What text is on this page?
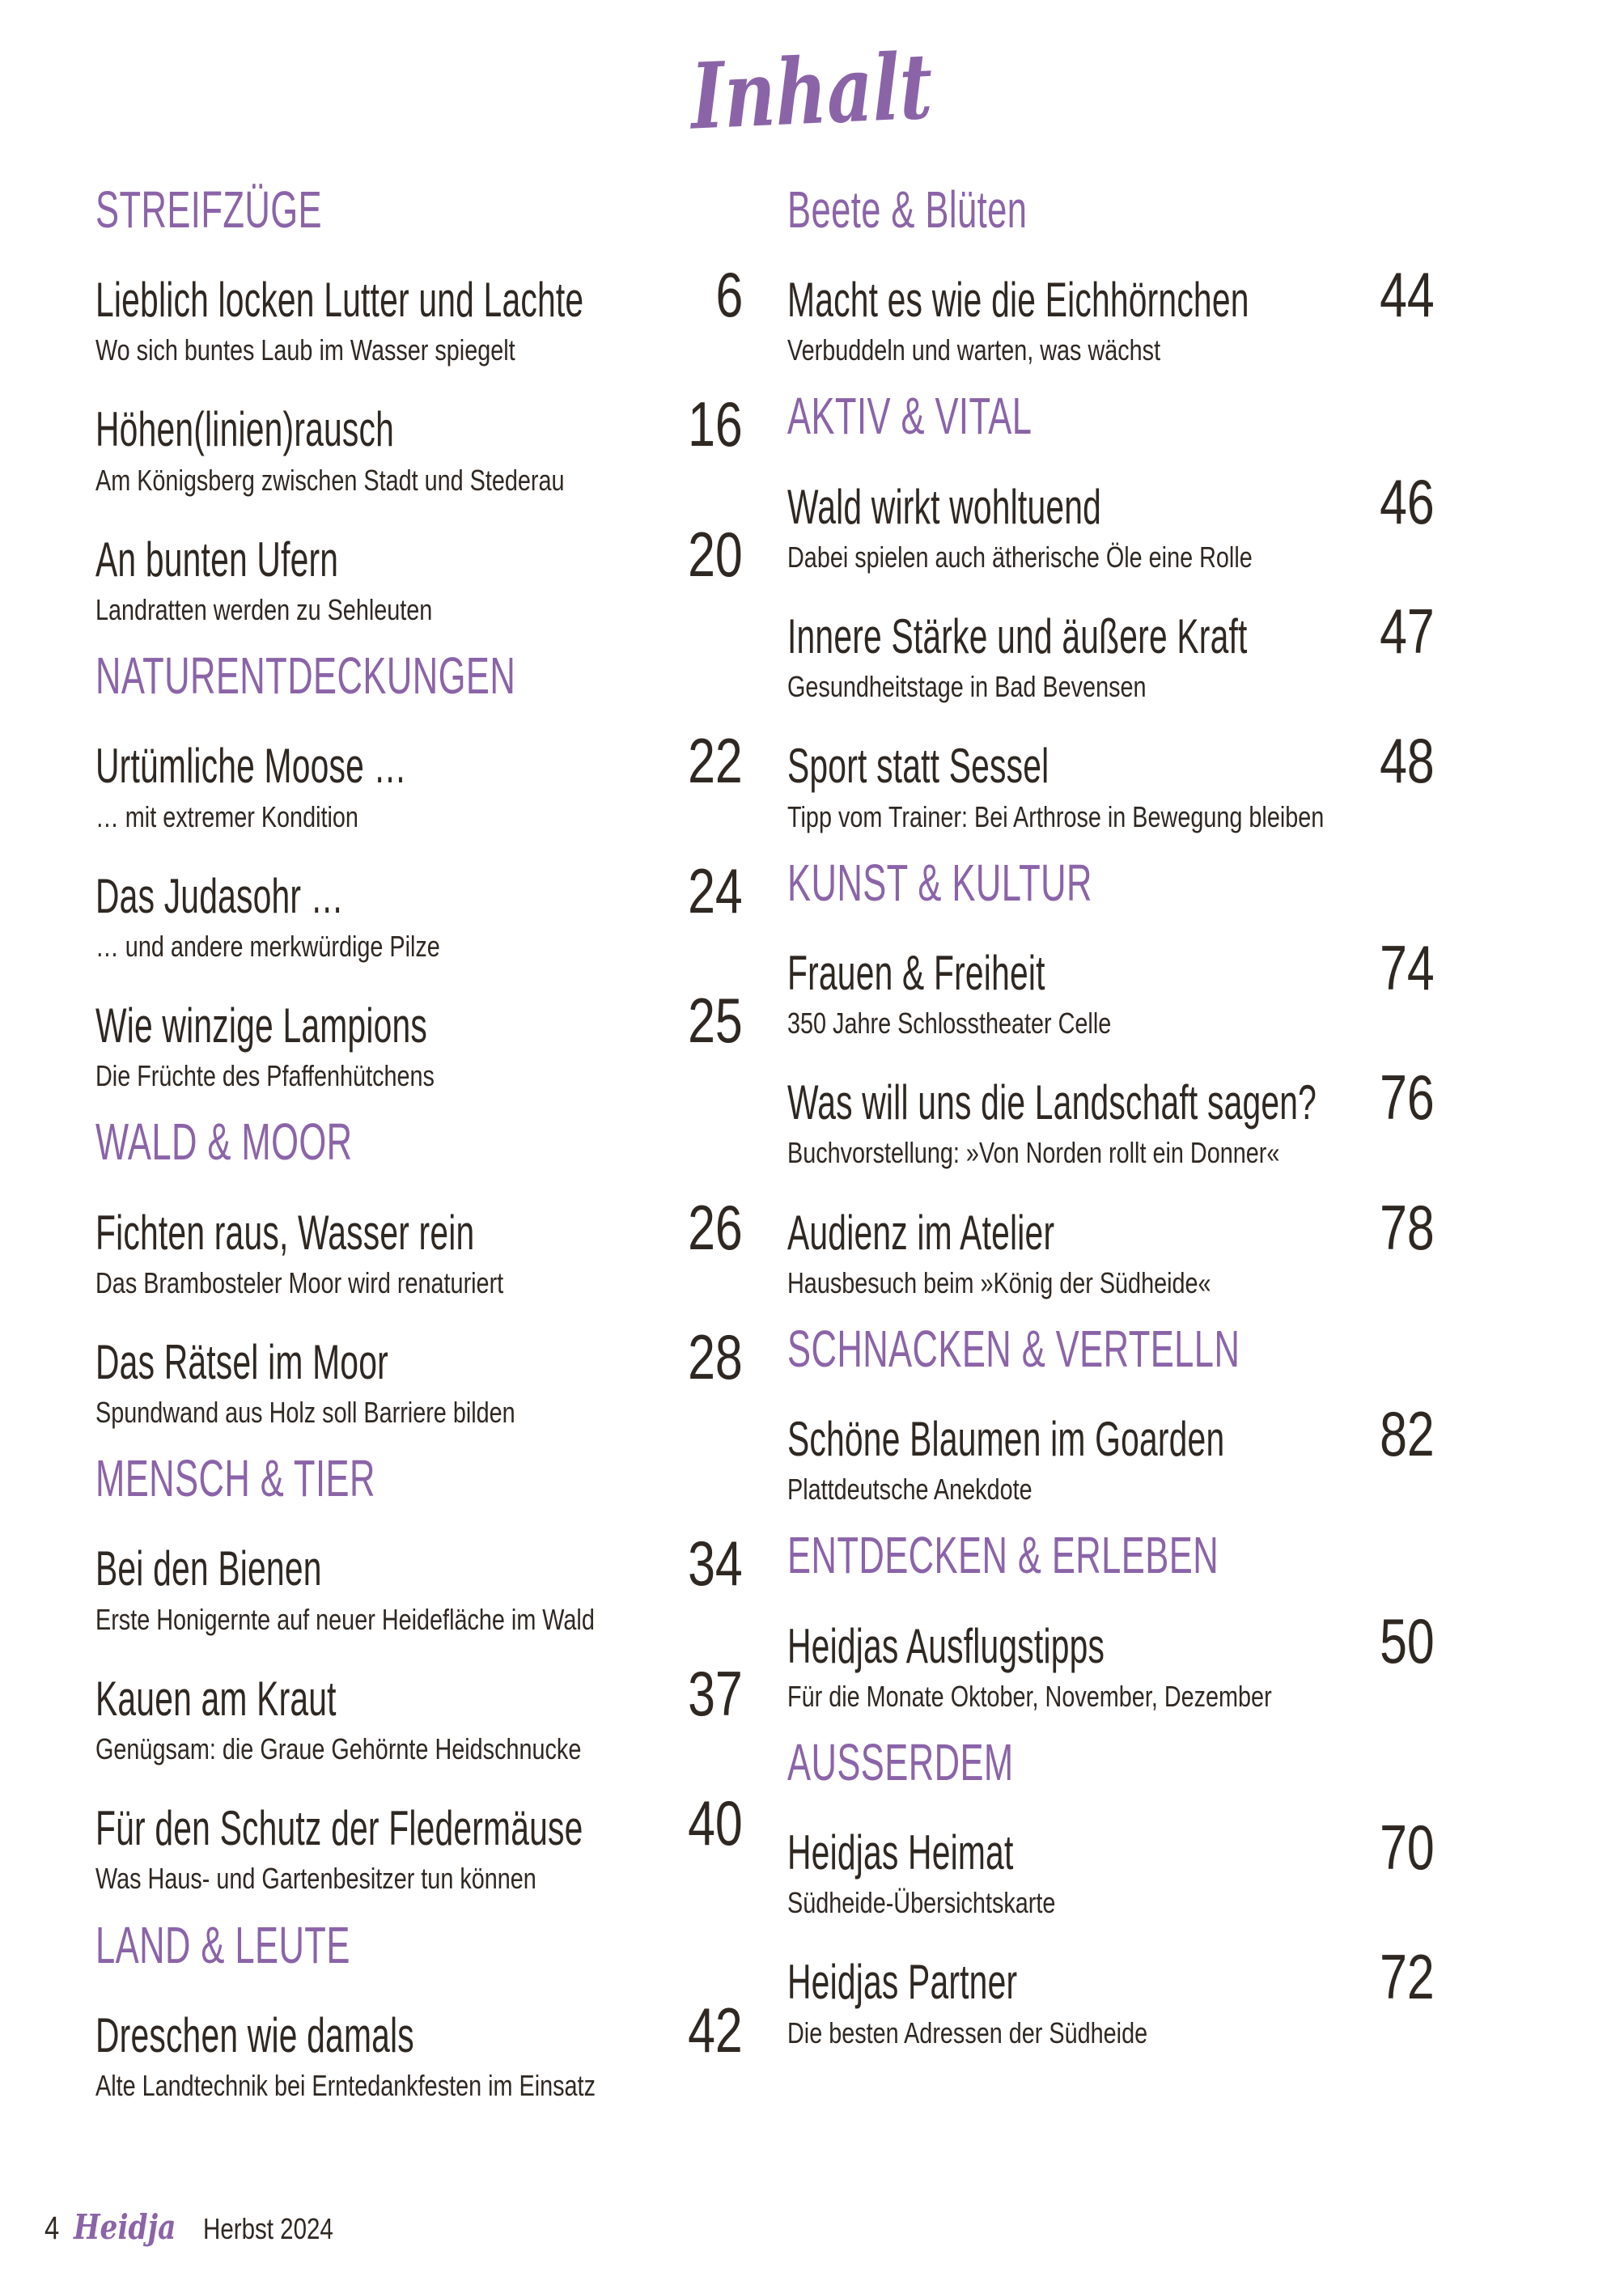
Inhalt
STREIFZÜGE
Lieblich locken Lutter und Lachte	6
Wo sich buntes Laub im Wasser spiegelt
Höhen(linien)rausch	16
Am Königsberg zwischen Stadt und Stederau
An bunten Ufern	20
Landratten werden zu Sehleuten
NATURENTDECKUNGEN
Urtümliche Moose …	22
… mit extremer Kondition
Das Judasohr …	24
… und andere merkwürdige Pilze
Wie winzige Lampions	25
Die Früchte des Pfaffenhütchens
WALD & MOOR
Fichten raus, Wasser rein	26
Das Brambosteler Moor wird renaturiert
Das Rätsel im Moor	28
Spundwand aus Holz soll Barriere bilden
MENSCH & TIER
Bei den Bienen	34
Erste Honigernte auf neuer Heidefläche im Wald
Kauen am Kraut	37
Genügsam: die Graue Gehörnte Heidschnucke
Für den Schutz der Fledermäuse	40
Was Haus- und Gartenbesitzer tun können
LAND & LEUTE
Dreschen wie damals	42
Alte Landtechnik bei Erntedankfesten im Einsatz
Beete & Blüten
Macht es wie die Eichhörnchen	44
Verbuddeln und warten, was wächst
AKTIV & VITAL
Wald wirkt wohltuend	46
Dabei spielen auch ätherische Öle eine Rolle
Innere Stärke und äußere Kraft	47
Gesundheitstage in Bad Bevensen
Sport statt Sessel	48
Tipp vom Trainer: Bei Arthrose in Bewegung bleiben
KUNST & KULTUR
Frauen & Freiheit	74
350 Jahre Schlosstheater Celle
Was will uns die Landschaft sagen?	76
Buchvorstellung: »Von Norden rollt ein Donner«
Audienz im Atelier	78
Hausbesuch beim »König der Südheide«
SCHNACKEN & VERTELLN
Schöne Blaumen im Goarden	82
Plattdeutsche Anekdote
ENTDECKEN & ERLEBEN
Heidjas Ausflugstipps	50
Für die Monate Oktober, November, Dezember
AUSSERDEM
Heidjas Heimat	70
Südheide-Übersichtskarte
Heidjas Partner	72
Die besten Adressen der Südheide
4 Heidja Herbst 2024
